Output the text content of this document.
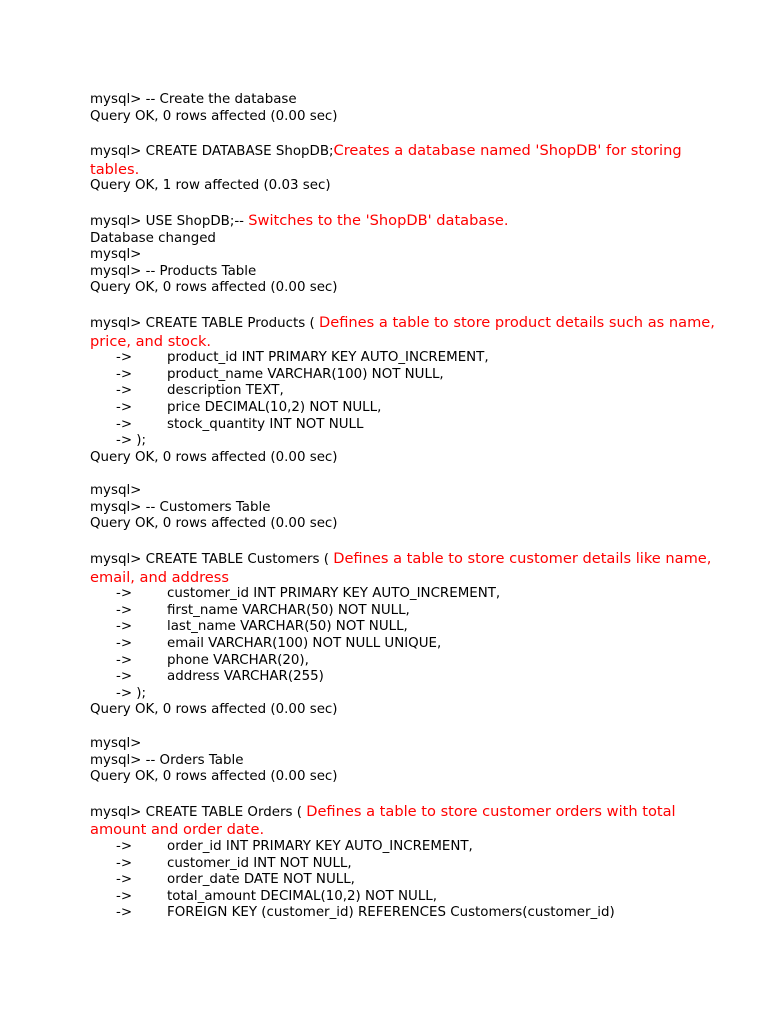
mysql> -- Create the database
Query OK, 0 rows affected (0.00 sec)
mysql> CREATE DATABASE ShopDB;Creates a database named 'ShopDB' for storing tables.
Query OK, 1 row affected (0.03 sec)
mysql> USE ShopDB;-- Switches to the 'ShopDB' database.
Database changed
mysql>
mysql> -- Products Table
Query OK, 0 rows affected (0.00 sec)
mysql> CREATE TABLE Products ( Defines a table to store product details such as name, price, and stock.
->	product_id INT PRIMARY KEY AUTO_INCREMENT,
->	product_name VARCHAR(100) NOT NULL,
->	description TEXT,
->	price DECIMAL(10,2) NOT NULL,
->	stock_quantity INT NOT NULL
-> );
Query OK, 0 rows affected (0.00 sec)
mysql>
mysql> -- Customers Table
Query OK, 0 rows affected (0.00 sec)
mysql> CREATE TABLE Customers ( Defines a table to store customer details like name, email, and address
->	customer_id INT PRIMARY KEY AUTO_INCREMENT,
->	first_name VARCHAR(50) NOT NULL,
->	last_name VARCHAR(50) NOT NULL,
->	email VARCHAR(100) NOT NULL UNIQUE,
->	phone VARCHAR(20),
->	address VARCHAR(255)
-> );
Query OK, 0 rows affected (0.00 sec)
mysql>
mysql> -- Orders Table
Query OK, 0 rows affected (0.00 sec)
mysql> CREATE TABLE Orders ( Defines a table to store customer orders with total amount and order date.
->	order_id INT PRIMARY KEY AUTO_INCREMENT,
->	customer_id INT NOT NULL,
->	order_date DATE NOT NULL,
->	total_amount DECIMAL(10,2) NOT NULL,
->	FOREIGN KEY (customer_id) REFERENCES Customers(customer_id)
